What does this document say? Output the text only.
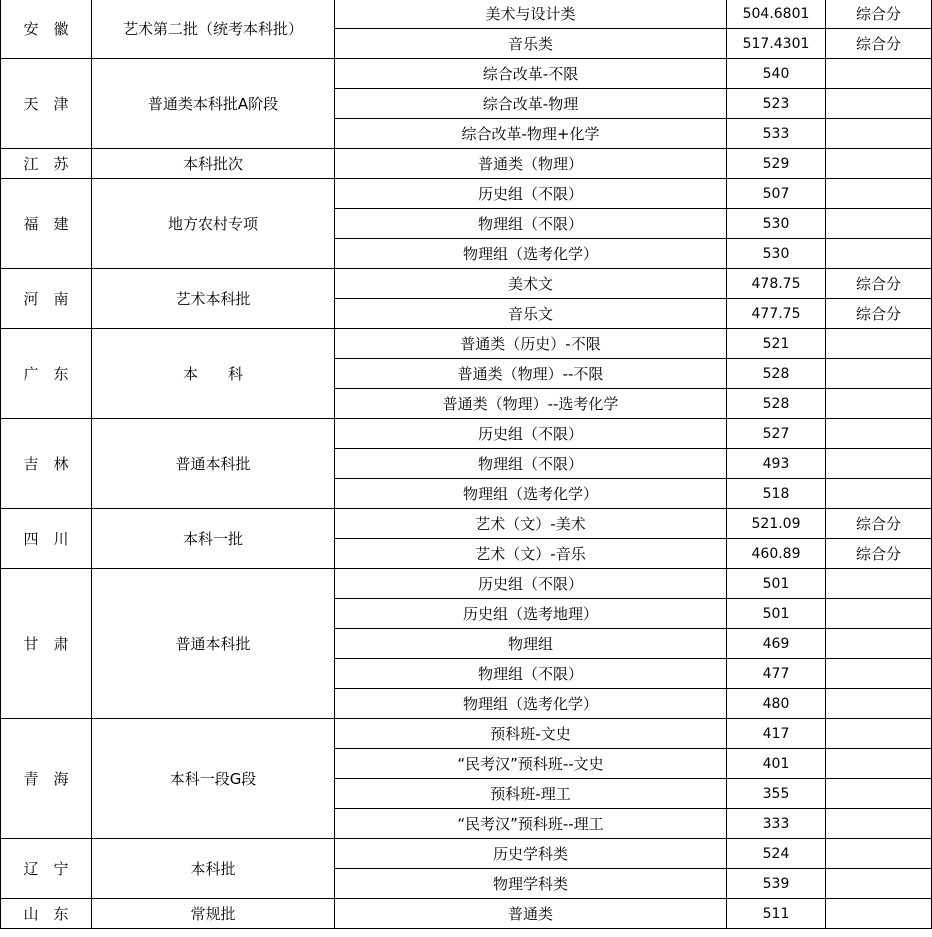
安　徽	艺术第二批（统考本科批）	美术与设计类	504.6801	综合分
		音乐类	517.4301	综合分
天　津	普通类本科批A阶段	综合改革-不限	540	
		综合改革-物理	523	
		综合改革-物理+化学	533	
江　苏	本科批次	普通类（物理）	529	
福　建	地方农村专项	历史组（不限）	507	
		物理组（不限）	530	
		物理组（选考化学）	530	
河　南	艺术本科批	美术文	478.75	综合分
		音乐文	477.75	综合分
广　东	本　　科	普通类（历史）-不限	521	
		普通类（物理）--不限	528	
		普通类（物理）--选考化学	528	
吉　林	普通本科批	历史组（不限）	527	
		物理组（不限）	493	
		物理组（选考化学）	518	
四　川	本科一批	艺术（文）-美术	521.09	综合分
		艺术（文）-音乐	460.89	综合分
甘　肃	普通本科批	历史组（不限）	501	
		历史组（选考地理）	501	
		物理组	469	
		物理组（不限）	477	
		物理组（选考化学）	480	
青　海	本科一段G段	预科班-文史	417	
		“民考汉”预科班--文史	401	
		预科班-理工	355	
		“民考汉”预科班--理工	333	
辽　宁	本科批	历史学科类	524	
		物理学科类	539	
山　东	常规批	普通类	511	
